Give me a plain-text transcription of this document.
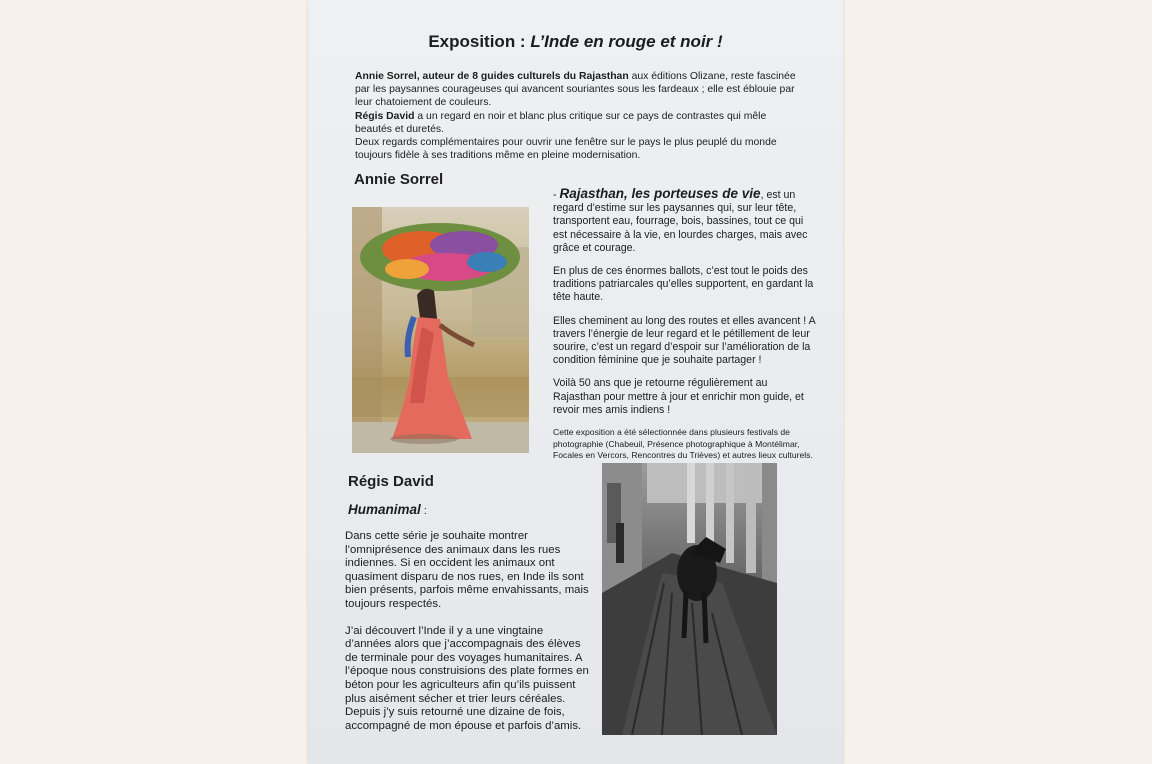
Exposition : L’Inde en rouge et noir !

Annie Sorrel, auteur de 8 guides culturels du Rajasthan aux éditions Olizane, reste fascinée par les paysannes courageuses qui avancent souriantes sous les fardeaux ; elle est éblouie par leur chatoiement de couleurs.

Régis David a un regard en noir et blanc plus critique sur ce pays de contrastes qui mêle beautés et duretés.

Deux regards complémentaires pour ouvrir une fenêtre sur le pays le plus peuplé du monde toujours fidèle à ses traditions même en pleine modernisation.

Annie Sorrel

- Rajasthan, les porteuses de vie, est un regard d’estime sur les paysannes qui, sur leur tête, transportent eau, fourrage, bois, bassines, tout ce qui est nécessaire à la vie, en lourdes charges, mais avec grâce et courage.

En plus de ces énormes ballots, c’est tout le poids des traditions patriarcales qu’elles supportent, en gardant la tête haute.

Elles cheminent au long des routes et elles avancent ! A travers l’énergie de leur regard et le pétillement de leur sourire, c’est un regard d’espoir sur l’amélioration de la condition féminine que je souhaite partager !

Voilà 50 ans que je retourne régulièrement au Rajasthan pour mettre à jour et enrichir mon guide, et revoir mes amis indiens !

Cette exposition a été sélectionnée dans plusieurs festivals de photographie (Chabeuil, Présence photographique à Montélimar, Focales en Vercors, Rencontres du Trièves) et autres lieux culturels.

Régis David
Humanimal :

Dans cette série je souhaite montrer l’omniprésence des animaux dans les rues indiennes. Si en occident les animaux ont quasiment disparu de nos rues, en Inde ils sont bien présents, parfois même envahissants, mais toujours respectés.

J’ai découvert l’Inde il y a une vingtaine d’années alors que j’accompagnais des élèves de terminale pour des voyages humanitaires. A l’époque nous construisions des plate formes en béton pour les agriculteurs afin qu’ils puissent plus aisément sécher et trier leurs céréales. Depuis j’y suis retourné une dizaine de fois, accompagné de mon épouse et parfois d’amis.
